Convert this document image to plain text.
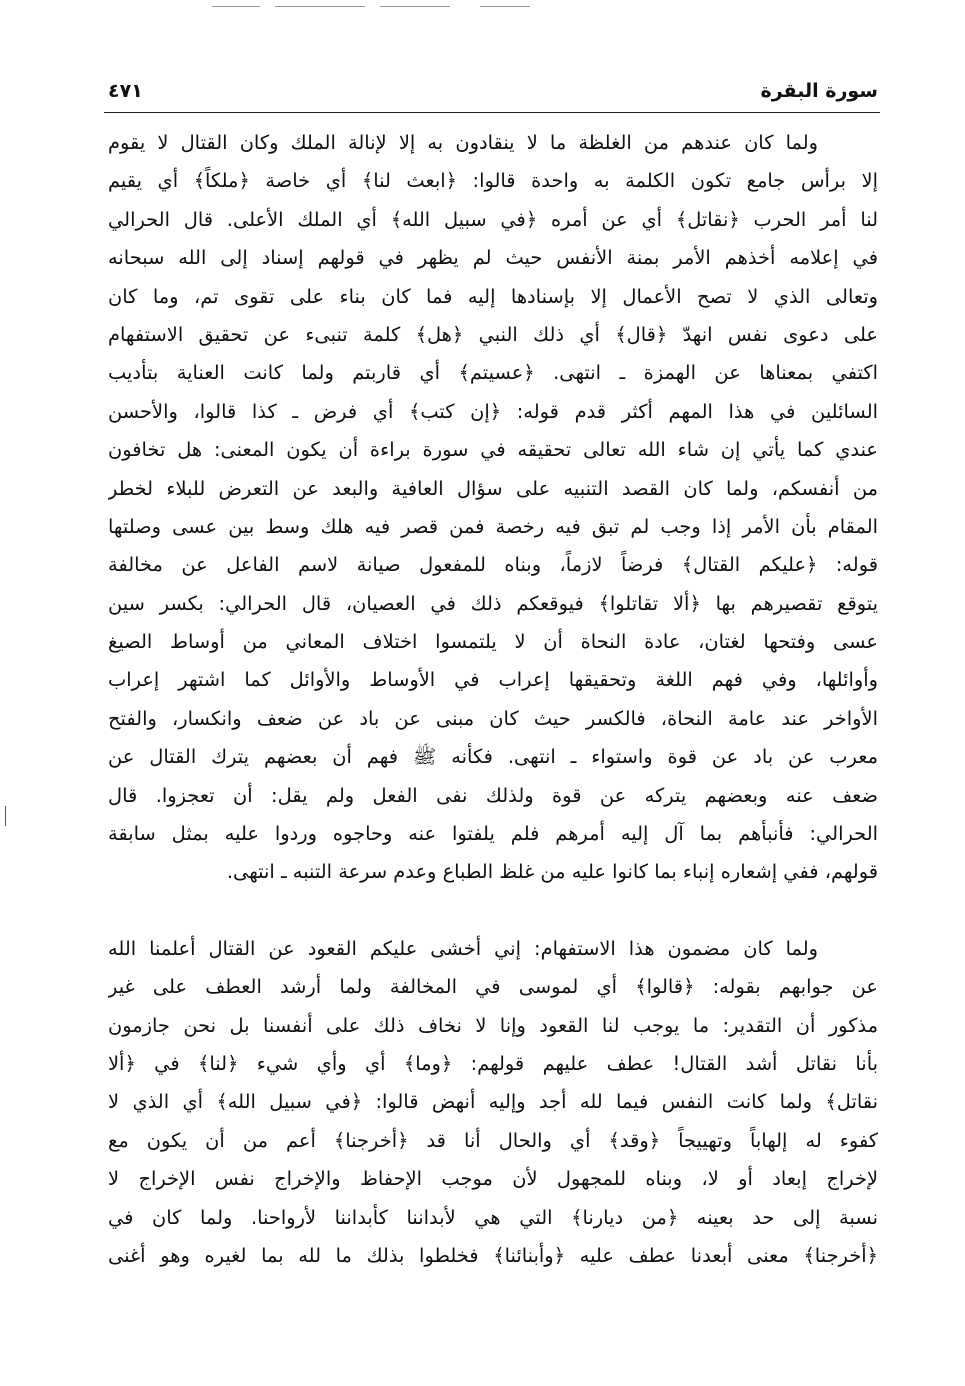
سورة البقرة
٤٧١
ولما كان عندهم من الغلظة ما لا ينقادون به إلا لإنالة الملك وكان القتال لا يقوم
إلا برأس جامع تكون الكلمة به واحدة قالوا: ﴿ابعث لنا﴾ أي خاصة ﴿ملكاً﴾ أي يقيم
لنا أمر الحرب ﴿نقاتل﴾ أي عن أمره ﴿في سبيل الله﴾ أي الملك الأعلى. قال الحرالي
في إعلامه أخذهم الأمر بمنة الأنفس حيث لم يظهر في قولهم إسناد إلى الله سبحانه
وتعالى الذي لا تصح الأعمال إلا بإسنادها إليه فما كان بناء على تقوى تم، وما كان
على دعوى نفس انهدّ ﴿قال﴾ أي ذلك النبي ﴿هل﴾ كلمة تنبىء عن تحقيق الاستفهام
اكتفي بمعناها عن الهمزة ـ انتهى. ﴿عسيتم﴾ أي قاربتم ولما كانت العناية بتأديب
السائلين في هذا المهم أكثر قدم قوله: ﴿إن كتب﴾ أي فرض ـ كذا قالوا، والأحسن
عندي كما يأتي إن شاء الله تعالى تحقيقه في سورة براءة أن يكون المعنى: هل تخافون
من أنفسكم، ولما كان القصد التنبيه على سؤال العافية والبعد عن التعرض للبلاء لخطر
المقام بأن الأمر إذا وجب لم تبق فيه رخصة فمن قصر فيه هلك وسط بين عسى وصلتها
قوله: ﴿عليكم القتال﴾ فرضاً لازماً، وبناه للمفعول صيانة لاسم الفاعل عن مخالفة
يتوقع تقصيرهم بها ﴿ألا تقاتلوا﴾ فيوقعكم ذلك في العصيان، قال الحرالي: بكسر سين
عسى وفتحها لغتان، عادة النحاة أن لا يلتمسوا اختلاف المعاني من أوساط الصيغ
وأوائلها، وفي فهم اللغة وتحقيقها إعراب في الأوساط والأوائل كما اشتهر إعراب
الأواخر عند عامة النحاة، فالكسر حيث كان مبنى عن باد عن ضعف وانكسار، والفتح
معرب عن باد عن قوة واستواء ـ انتهى. فكأنه ﷺ فهم أن بعضهم يترك القتال عن
ضعف عنه وبعضهم يتركه عن قوة ولذلك نفى الفعل ولم يقل: أن تعجزوا. قال
الحرالي: فأنبأهم بما آل إليه أمرهم فلم يلفتوا عنه وحاجوه وردوا عليه بمثل سابقة
قولهم، ففي إشعاره إنباء بما كانوا عليه من غلظ الطباع وعدم سرعة التنبه ـ انتهى.
ولما كان مضمون هذا الاستفهام: إني أخشى عليكم القعود عن القتال أعلمنا الله
عن جوابهم بقوله: ﴿قالوا﴾ أي لموسى في المخالفة ولما أرشد العطف على غير
مذكور أن التقدير: ما يوجب لنا القعود وإنا لا نخاف ذلك على أنفسنا بل نحن جازمون
بأنا نقاتل أشد القتال! عطف عليهم قولهم: ﴿وما﴾ أي وأي شيء ﴿لنا﴾ في ﴿ألا
نقاتل﴾ ولما كانت النفس فيما لله أجد وإليه أنهض قالوا: ﴿في سبيل الله﴾ أي الذي لا
كفوء له إلهاباً وتهييجاً ﴿وقد﴾ أي والحال أنا قد ﴿أخرجنا﴾ أعم من أن يكون مع
لإخراج إبعاد أو لا، وبناه للمجهول لأن موجب الإحفاظ والإخراج نفس الإخراج لا
نسبة إلى حد بعينه ﴿من ديارنا﴾ التي هي لأبداننا كأبداننا لأرواحنا. ولما كان في
﴿أخرجنا﴾ معنى أبعدنا عطف عليه ﴿وأبنائنا﴾ فخلطوا بذلك ما لله بما لغيره وهو أغنى
